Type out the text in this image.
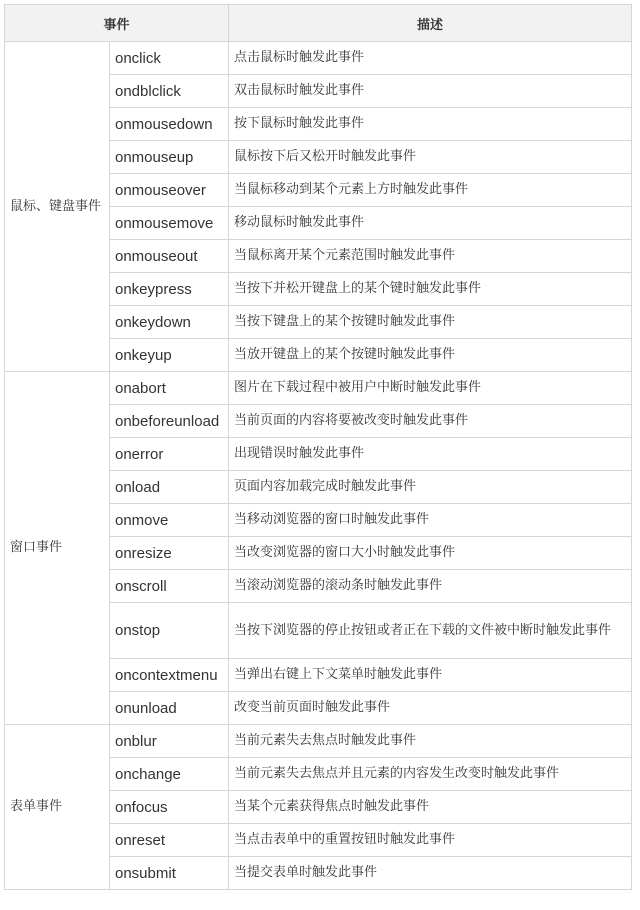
事件		描述
鼠标、键盘事件	onclick	点击鼠标时触发此事件
	ondblclick	双击鼠标时触发此事件
	onmousedown	按下鼠标时触发此事件
	onmouseup	鼠标按下后又松开时触发此事件
	onmouseover	当鼠标移动到某个元素上方时触发此事件
	onmousemove	移动鼠标时触发此事件
	onmouseout	当鼠标离开某个元素范围时触发此事件
	onkeypress	当按下并松开键盘上的某个键时触发此事件
	onkeydown	当按下键盘上的某个按键时触发此事件
	onkeyup	当放开键盘上的某个按键时触发此事件
窗口事件	onabort	图片在下载过程中被用户中断时触发此事件
	onbeforeunload	当前页面的内容将要被改变时触发此事件
	onerror	出现错误时触发此事件
	onload	页面内容加载完成时触发此事件
	onmove	当移动浏览器的窗口时触发此事件
	onresize	当改变浏览器的窗口大小时触发此事件
	onscroll	当滚动浏览器的滚动条时触发此事件
	onstop	当按下浏览器的停止按钮或者正在下载的文件被中断时触发此事件
	oncontextmenu	当弹出右键上下文菜单时触发此事件
	onunload	改变当前页面时触发此事件
表单事件	onblur	当前元素失去焦点时触发此事件
	onchange	当前元素失去焦点并且元素的内容发生改变时触发此事件
	onfocus	当某个元素获得焦点时触发此事件
	onreset	当点击表单中的重置按钮时触发此事件
	onsubmit	当提交表单时触发此事件
